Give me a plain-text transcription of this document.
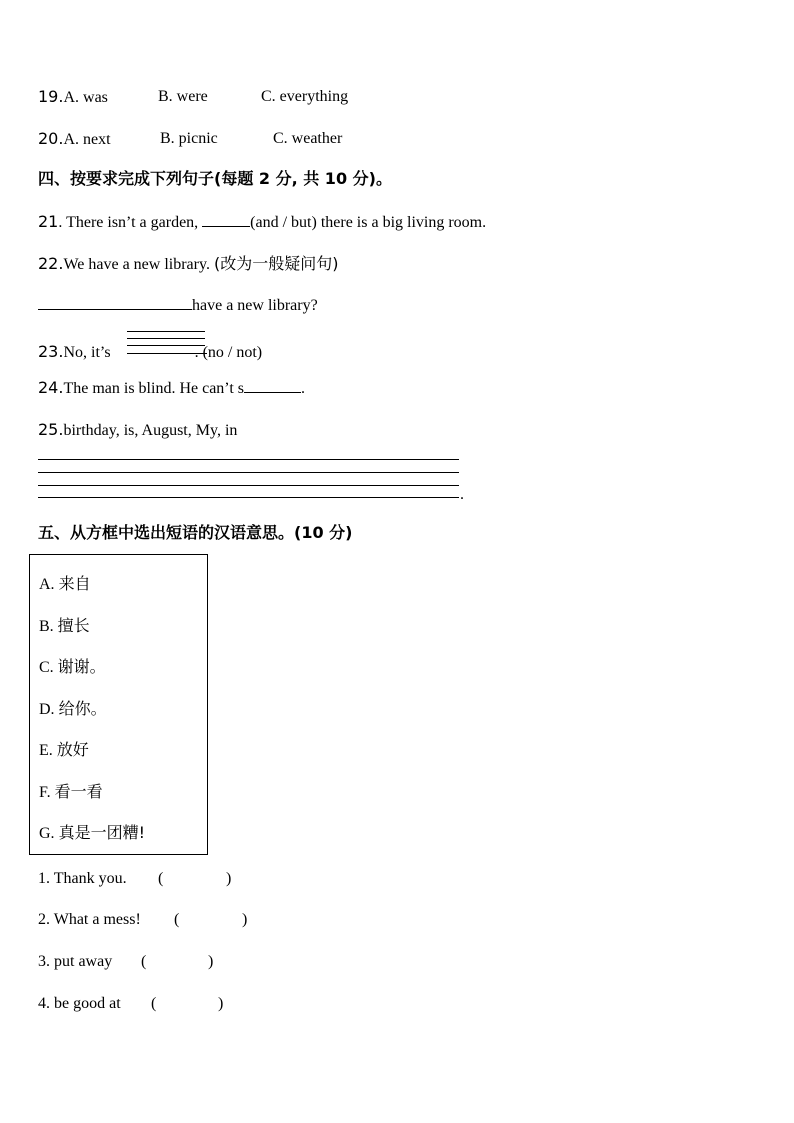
19.A. was	B. were	C. everything
20.A. next	B. picnic	C. weather
四、按要求完成下列句子(每题 2 分, 共 10 分)。
21. There isn’t a garden,	(and / but) there is a big living room.
22.We have a new library. (改为一般疑问句)
have a new library?
23.No, it’s	. (no / not)
24.The man is blind. He can’t s	.
25.birthday, is, August, My, in
.
五、从方框中选出短语的汉语意思。(10 分)
A. 来自
B. 擅长
C. 谢谢。
D. 给你。
E. 放好
F. 看一看
G. 真是一团糟!
1. Thank you. (	)
2. What a mess! (	)
3. put away (	)
4. be good at (	)
